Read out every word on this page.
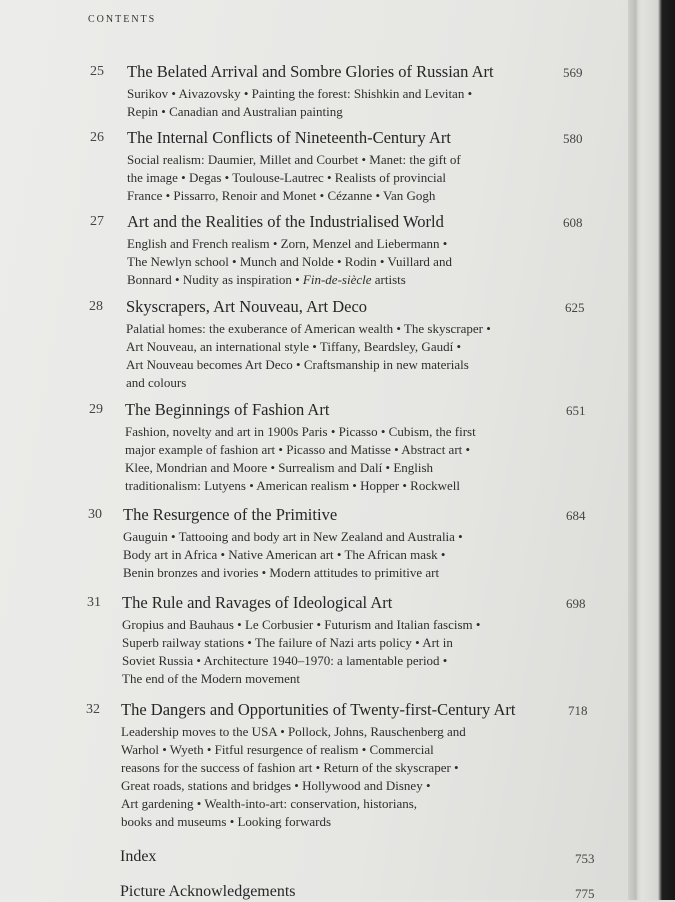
CONTENTS
25 The Belated Arrival and Sombre Glories of Russian Art	569
Surikov • Aivazovsky • Painting the forest: Shishkin and Levitan •
Repin • Canadian and Australian painting
26 The Internal Conflicts of Nineteenth-Century Art	580
Social realism: Daumier, Millet and Courbet • Manet: the gift of
the image • Degas • Toulouse-Lautrec • Realists of provincial
France • Pissarro, Renoir and Monet • Cézanne • Van Gogh
27 Art and the Realities of the Industrialised World	608
English and French realism • Zorn, Menzel and Liebermann •
The Newlyn school • Munch and Nolde • Rodin • Vuillard and
Bonnard • Nudity as inspiration • Fin-de-siècle artists
28 Skyscrapers, Art Nouveau, Art Deco	625
Palatial homes: the exuberance of American wealth • The skyscraper •
Art Nouveau, an international style • Tiffany, Beardsley, Gaudí •
Art Nouveau becomes Art Deco • Craftsmanship in new materials
and colours
29 The Beginnings of Fashion Art	651
Fashion, novelty and art in 1900s Paris • Picasso • Cubism, the first
major example of fashion art • Picasso and Matisse • Abstract art •
Klee, Mondrian and Moore • Surrealism and Dalí • English
traditionalism: Lutyens • American realism • Hopper • Rockwell
30 The Resurgence of the Primitive	684
Gauguin • Tattooing and body art in New Zealand and Australia •
Body art in Africa • Native American art • The African mask •
Benin bronzes and ivories • Modern attitudes to primitive art
31 The Rule and Ravages of Ideological Art	698
Gropius and Bauhaus • Le Corbusier • Futurism and Italian fascism •
Superb railway stations • The failure of Nazi arts policy • Art in
Soviet Russia • Architecture 1940–1970: a lamentable period •
The end of the Modern movement
32 The Dangers and Opportunities of Twenty-first-Century Art	718
Leadership moves to the USA • Pollock, Johns, Rauschenberg and
Warhol • Wyeth • Fitful resurgence of realism • Commercial
reasons for the success of fashion art • Return of the skyscraper •
Great roads, stations and bridges • Hollywood and Disney •
Art gardening • Wealth-into-art: conservation, historians,
books and museums • Looking forwards
Index	753
Picture Acknowledgements	775
